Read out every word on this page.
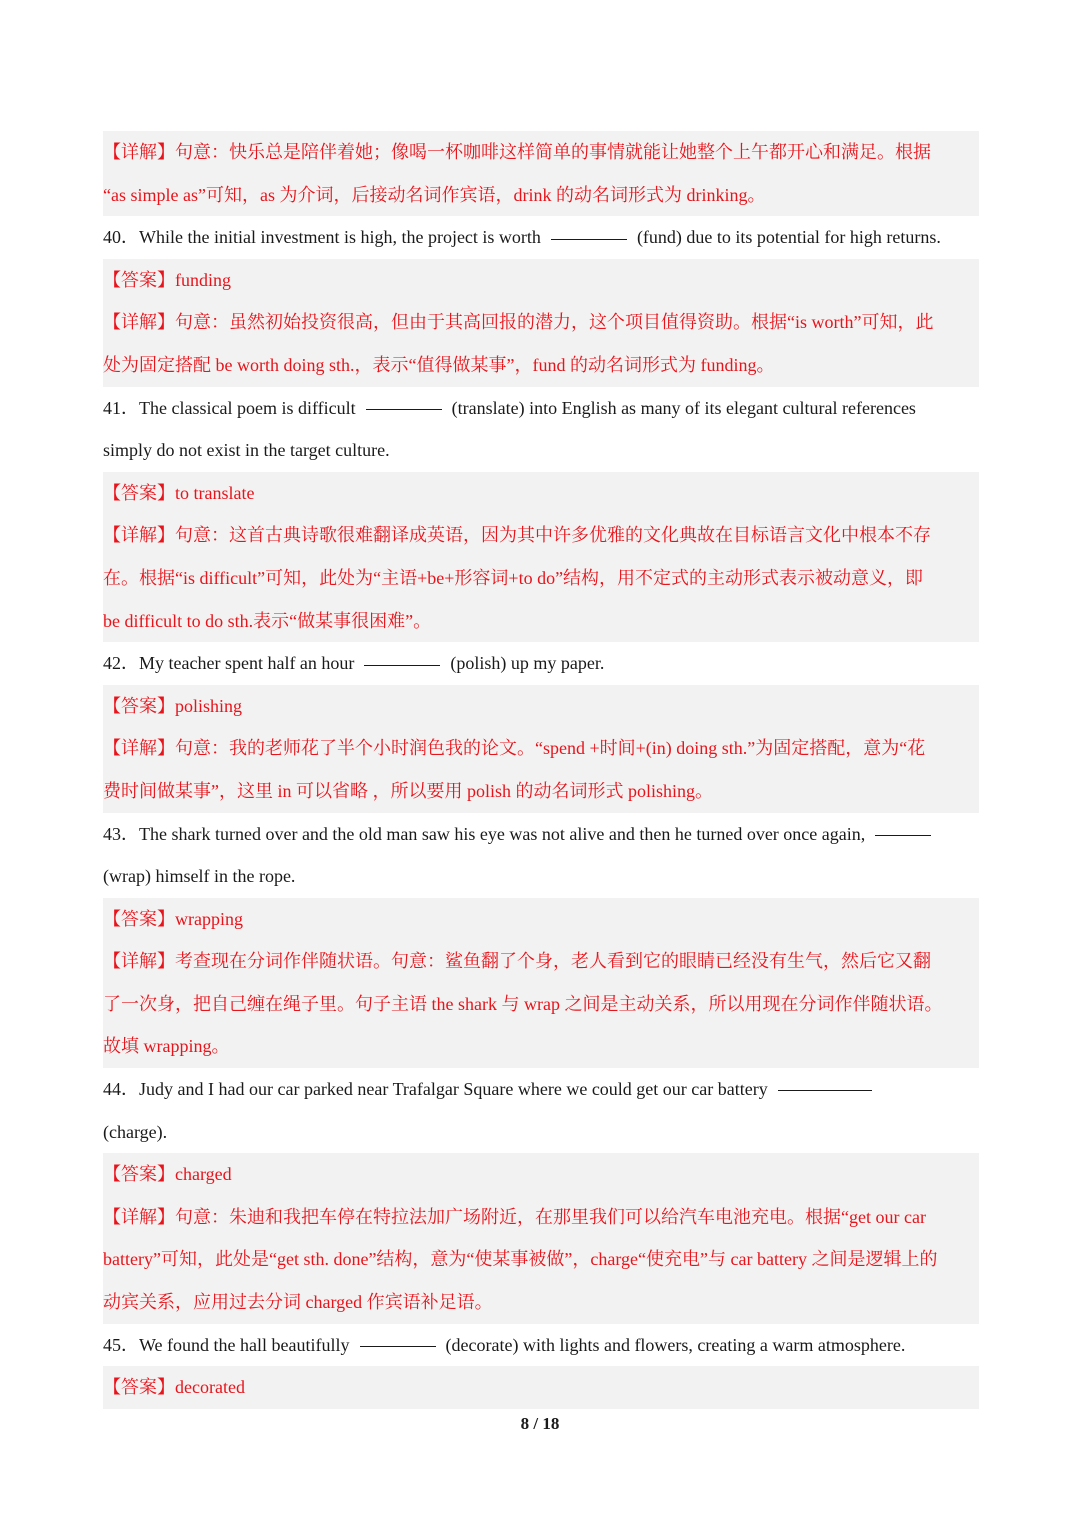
【详解】句意：快乐总是陪伴着她；像喝一杯咖啡这样简单的事情就能让她整个上午都开心和满足。根据
“as simple as”可知，as 为介词，后接动名词作宾语，drink 的动名词形式为 drinking。
40．While the initial investment is high, the project is worth	(fund) due to its potential for high returns.
【答案】funding
【详解】句意：虽然初始投资很高，但由于其高回报的潜力，这个项目值得资助。根据“is worth”可知，此
处为固定搭配 be worth doing sth.，表示“值得做某事”，fund 的动名词形式为 funding。
41．The classical poem is difficult	(translate) into English as many of its elegant cultural references
simply do not exist in the target culture.
【答案】to translate
【详解】句意：这首古典诗歌很难翻译成英语，因为其中许多优雅的文化典故在目标语言文化中根本不存
在。根据“is difficult”可知，此处为“主语+be+形容词+to do”结构，用不定式的主动形式表示被动意义，即
be difficult to do sth.表示“做某事很困难”。
42．My teacher spent half an hour	(polish) up my paper.
【答案】polishing
【详解】句意：我的老师花了半个小时润色我的论文。“spend +时间+(in) doing sth.”为固定搭配，意为“花
费时间做某事”，这里 in 可以省略 ，所以要用 polish 的动名词形式 polishing。
43．The shark turned over and the old man saw his eye was not alive and then he turned over once again,
(wrap) himself in the rope.
【答案】wrapping
【详解】考查现在分词作伴随状语。句意：鲨鱼翻了个身，老人看到它的眼睛已经没有生气，然后它又翻
了一次身，把自己缠在绳子里。句子主语 the shark 与 wrap 之间是主动关系，所以用现在分词作伴随状语。
故填 wrapping。
44．Judy and I had our car parked near Trafalgar Square where we could get our car battery
(charge).
【答案】charged
【详解】句意：朱迪和我把车停在特拉法加广场附近，在那里我们可以给汽车电池充电。根据“get our car
battery”可知，此处是“get sth. done”结构，意为“使某事被做”，charge“使充电”与 car battery 之间是逻辑上的
动宾关系，应用过去分词 charged 作宾语补足语。
45．We found the hall beautifully	(decorate) with lights and flowers, creating a warm atmosphere.
【答案】decorated
8 / 18
